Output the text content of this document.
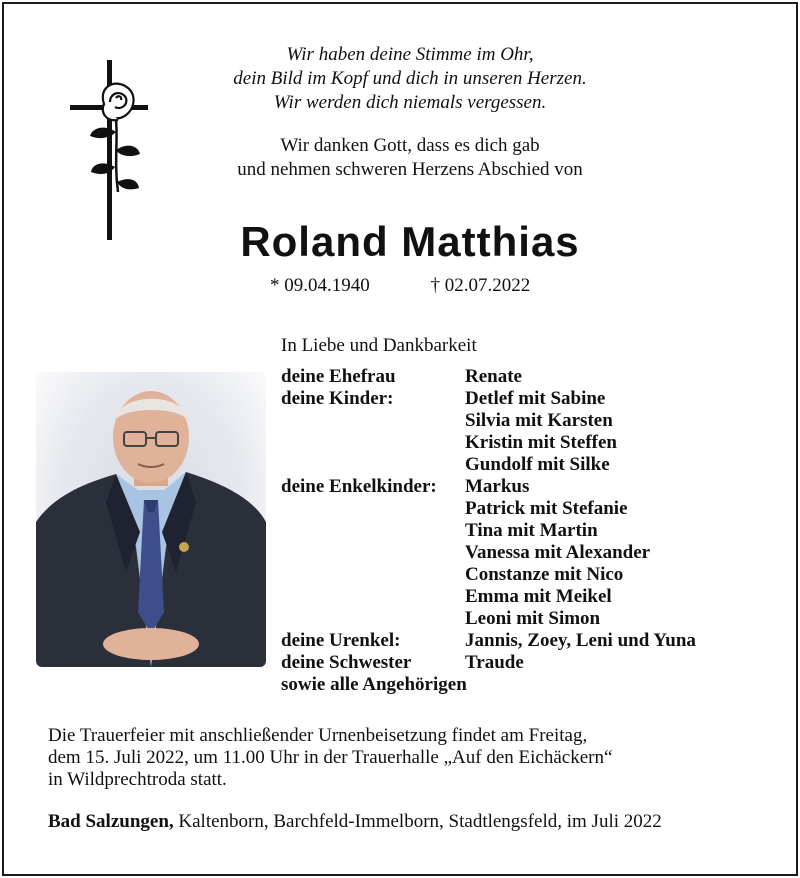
Wir haben deine Stimme im Ohr,
dein Bild im Kopf und dich in unseren Herzen.
Wir werden dich niemals vergessen.
Wir danken Gott, dass es dich gab
und nehmen schweren Herzens Abschied von
Roland Matthias
* 09.04.1940	† 02.07.2022
In Liebe und Dankbarkeit
deine Ehefrau	Renate
deine Kinder:	Detlef mit Sabine
Silvia mit Karsten
Kristin mit Steffen
Gundolf mit Silke
deine Enkelkinder:	Markus
Patrick mit Stefanie
Tina mit Martin
Vanessa mit Alexander
Constanze mit Nico
Emma mit Meikel
Leoni mit Simon
deine Urenkel:	Jannis, Zoey, Leni und Yuna
deine Schwester	Traude
sowie alle Angehörigen
Die Trauerfeier mit anschließender Urnenbeisetzung findet am Freitag,
dem 15. Juli 2022, um 11.00 Uhr in der Trauerhalle „Auf den Eichäckern“
in Wildprechtroda statt.
Bad Salzungen, Kaltenborn, Barchfeld-Immelborn, Stadtlengsfeld, im Juli 2022
